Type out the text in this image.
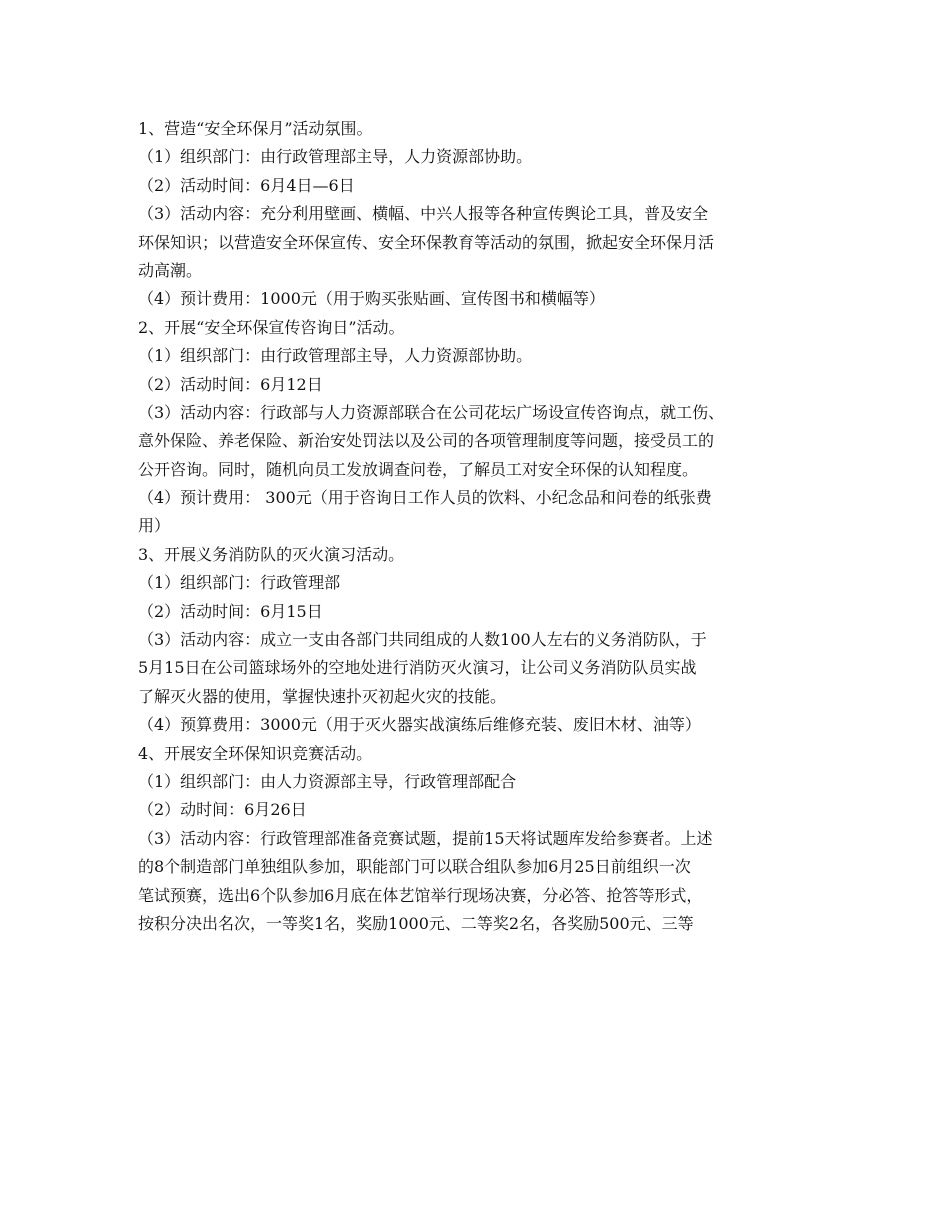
1、营造“安全环保月”活动氛围。
（1）组织部门：由行政管理部主导，人力资源部协助。
（2）活动时间：6月4日—6日
（3）活动内容：充分利用壁画、横幅、中兴人报等各种宣传舆论工具，普及安全
环保知识；以营造安全环保宣传、安全环保教育等活动的氛围，掀起安全环保月活
动高潮。
（4）预计费用：1000元（用于购买张贴画、宣传图书和横幅等）
2、开展“安全环保宣传咨询日”活动。
（1）组织部门：由行政管理部主导，人力资源部协助。
（2）活动时间：6月12日
（3）活动内容：行政部与人力资源部联合在公司花坛广场设宣传咨询点，就工伤、
意外保险、养老保险、新治安处罚法以及公司的各项管理制度等问题，接受员工的
公开咨询。同时，随机向员工发放调查问卷，了解员工对安全环保的认知程度。
（4）预计费用： 300元（用于咨询日工作人员的饮料、小纪念品和问卷的纸张费
用）
3、开展义务消防队的灭火演习活动。
（1）组织部门：行政管理部
（2）活动时间：6月15日
（3）活动内容：成立一支由各部门共同组成的人数100人左右的义务消防队，于
5月15日在公司篮球场外的空地处进行消防灭火演习，让公司义务消防队员实战
了解灭火器的使用，掌握快速扑灭初起火灾的技能。
（4）预算费用：3000元（用于灭火器实战演练后维修充装、废旧木材、油等）
4、开展安全环保知识竞赛活动。
（1）组织部门：由人力资源部主导，行政管理部配合
（2）动时间：6月26日
（3）活动内容：行政管理部准备竞赛试题，提前15天将试题库发给参赛者。上述
的8个制造部门单独组队参加，职能部门可以联合组队参加6月25日前组织一次
笔试预赛，选出6个队参加6月底在体艺馆举行现场决赛，分必答、抢答等形式，
按积分决出名次，一等奖1名，奖励1000元、二等奖2名，各奖励500元、三等
